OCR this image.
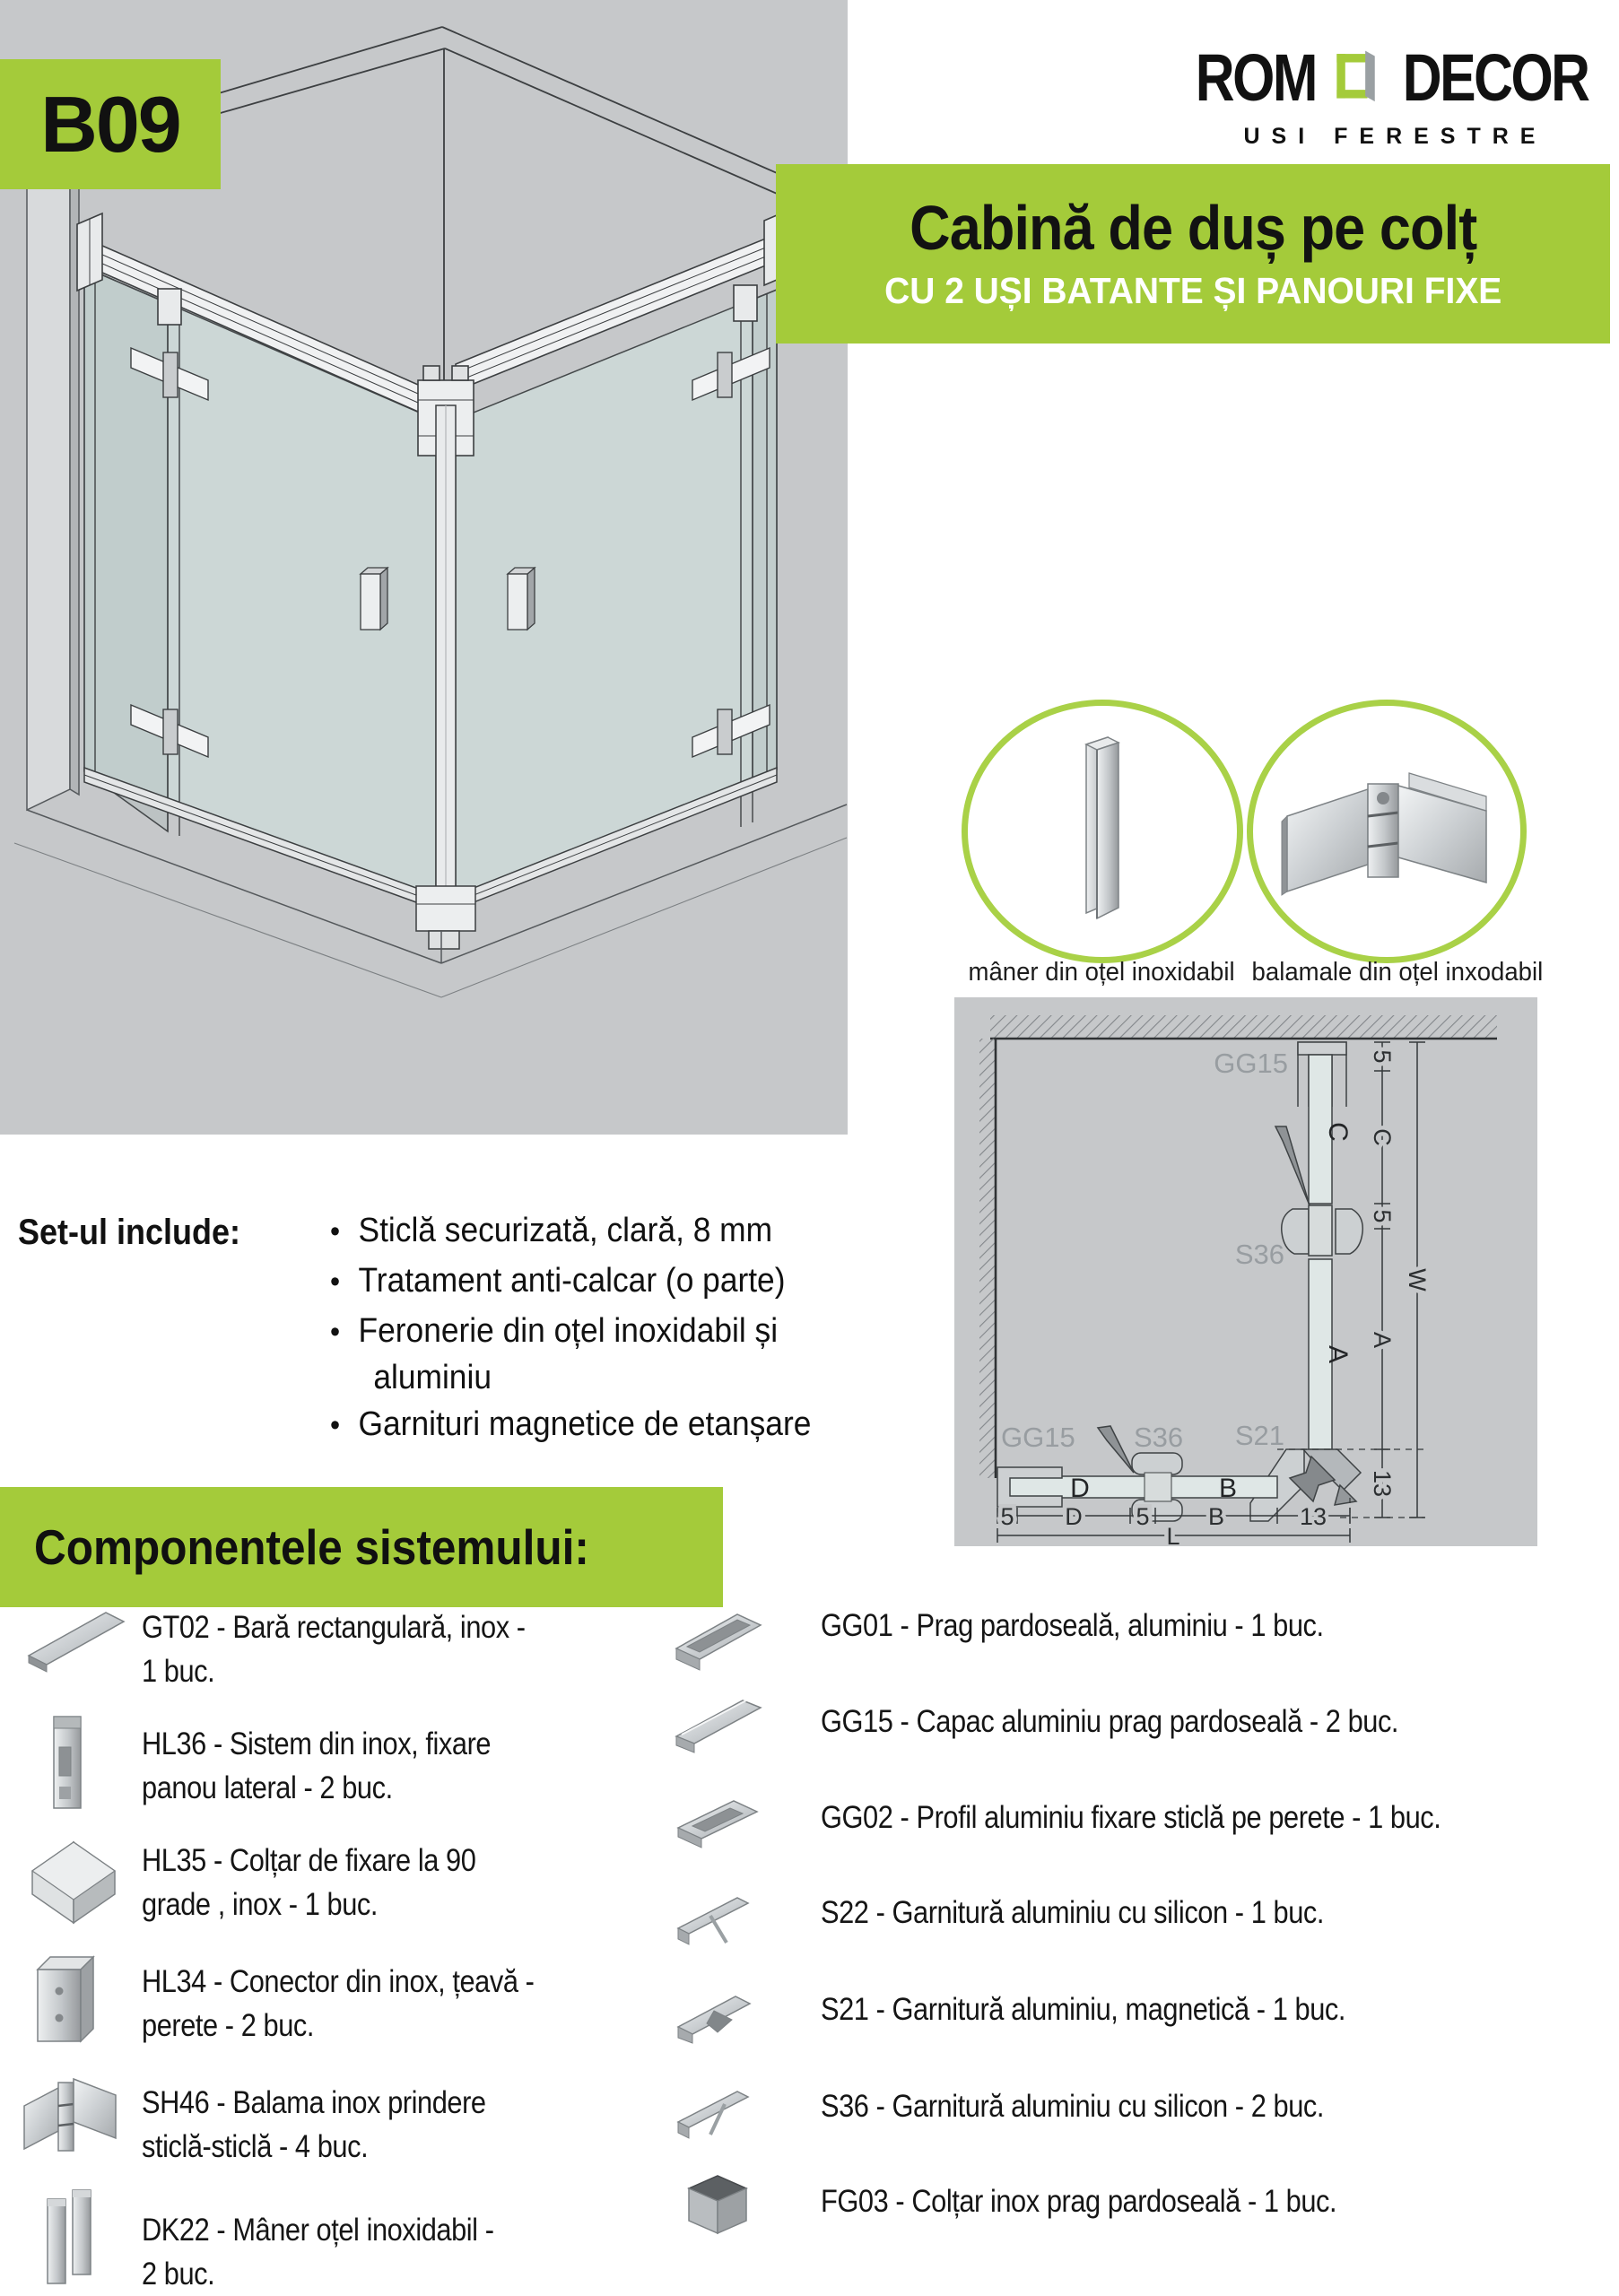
B09
ROM DECOR
USI FERESTRE
Cabină de duș pe colț
CU 2 UȘI BATANTE ȘI PANOURI FIXE
mâner din oțel inoxidabil balamale din oțel inxodabil
GG15
S36
S21
GG15 S36
C
A
D	B
5
C
5
A
13
W
5 D 5 B	13
L
Set-ul include: •	Sticlă securizată, clară, 8 mm
• Tratament anti-calcar (o parte)
• Feronerie din oțel inoxidabil și
aluminiu
• Garnituri magnetice de etanșare
Componentele sistemului:
GT02 - Bară rectangulară, inox -
1 buc.
HL36 - Sistem din inox, fixare
panou lateral - 2 buc.
HL35 - Colțar de fixare la 90
grade , inox - 1 buc.
HL34 - Conector din inox, țeavă -
perete - 2 buc.
SH46 - Balama inox prindere
sticlă-sticlă - 4 buc.
DK22 - Mâner oțel inoxidabil -
2 buc.
GG01 - Prag pardoseală, aluminiu - 1 buc.
GG15 - Capac aluminiu prag pardoseală - 2 buc.
GG02 - Profil aluminiu fixare sticlă pe perete - 1 buc.
S22 - Garnitură aluminiu cu silicon - 1 buc.
S21 - Garnitură aluminiu, magnetică - 1 buc.
S36 - Garnitură aluminiu cu silicon - 2 buc.
FG03 - Colțar inox prag pardoseală - 1 buc.
